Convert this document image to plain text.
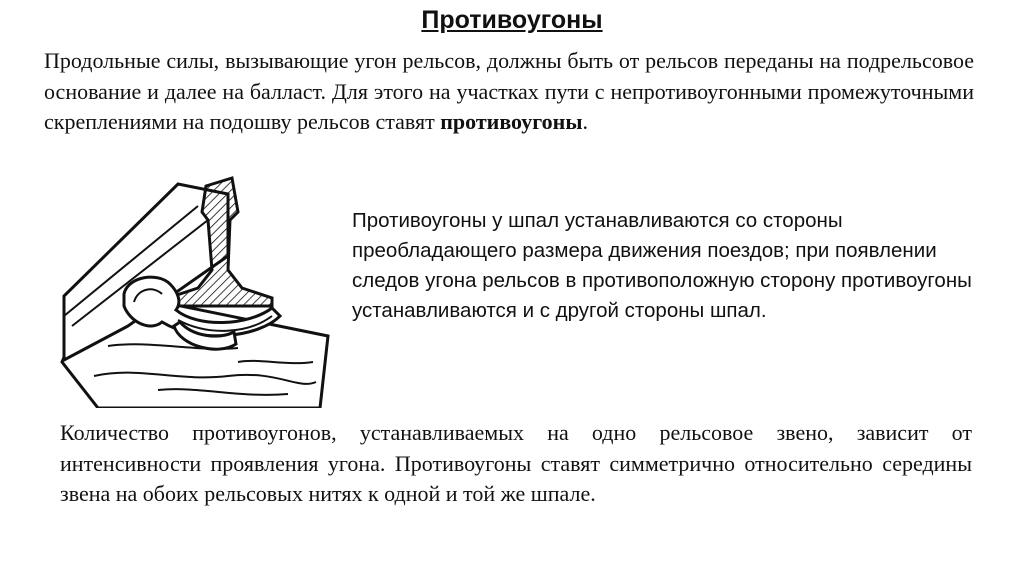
Противоугоны
Продольные силы, вызывающие угон рельсов, должны быть от рельсов переданы на подрельсовое основание и далее на балласт. Для этого на участках пути с непротивоугонными промежуточными скреплениями на подошву рельсов ставят противоугоны.
Противоугоны у шпал устанавливаются со стороны преобладающего размера движения поездов; при появлении следов угона рельсов в противоположную сторону противоугоны устанавливаются и с другой стороны шпал.
Количество противоугонов, устанавливаемых на одно рельсовое звено, зависит от интенсивности проявления угона. Противоугоны ставят симметрично относительно середины звена на обоих рельсовых нитях к одной и той же шпале.
